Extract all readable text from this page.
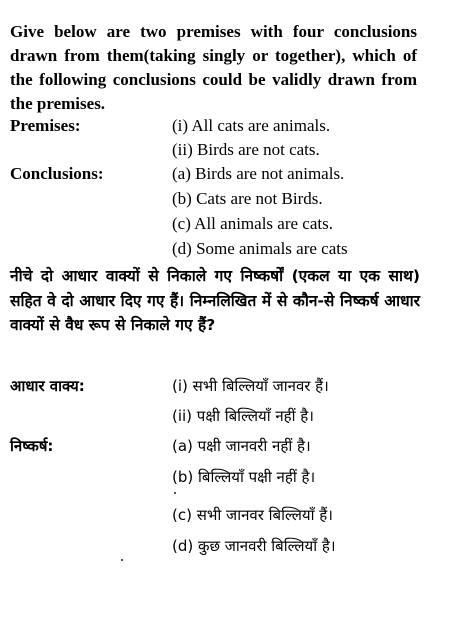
Give below are two premises with four conclusions drawn from them(taking singly or together), which of the following conclusions could be validly drawn from the premises.
Premises:	(i) All cats are animals.
(ii) Birds are not cats.
Conclusions:	(a) Birds are not animals.
(b) Cats are not Birds.
(c) All animals are cats.
(d) Some animals are cats
नीचे दो आधार वाक्यों से निकाले गए निष्कर्षों (एकल या एक साथ) सहित वे दो आधार दिए गए हैं। निम्नलिखित में से कौन-से निष्कर्ष आधार वाक्यों से वैध रूप से निकाले गए हैं?
आधार वाक्य:	(i) सभी बिल्लियाँ जानवर हैं।
(ii) पक्षी बिल्लियाँ नहीं है।
निष्कर्ष:	(a) पक्षी जानवरी नहीं है।
(b) बिल्लियाँ पक्षी नहीं है।
(c) सभी जानवर बिल्लियाँ हैं।
(d) कुछ जानवरी बिल्लियाँ है।
